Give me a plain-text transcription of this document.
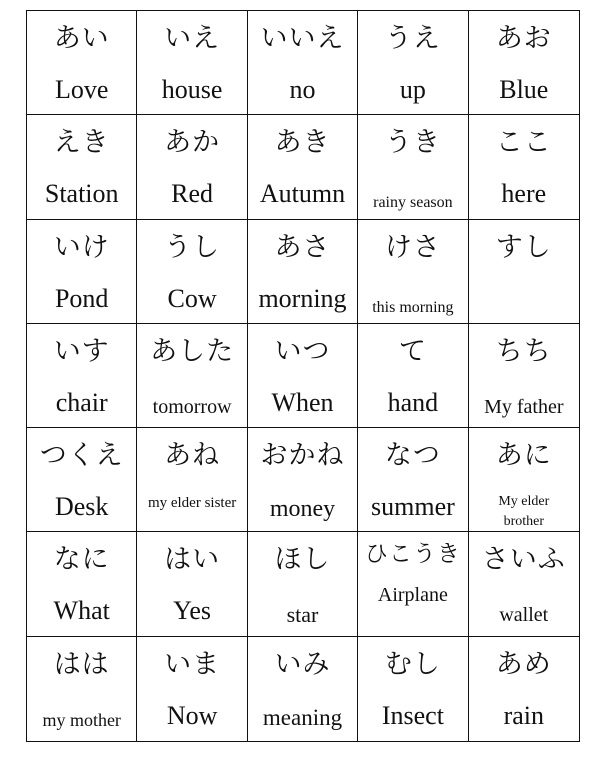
あい
Love
いえ
house
いいえ
no
うえ
up
あお
Blue
えき
Station
あか
Red
あき
Autumn
うき
rainy season
ここ
here
いけ
Pond
うし
Cow
あさ
morning
けさ
this morning
すし
いす
chair
あした
tomorrow
いつ
When
て
hand
ちち
My father
つくえ
Desk
あね
my elder sister
おかね
money
なつ
summer
あに
My elder brother
なに
What
はい
Yes
ほし
star
ひこうき
Airplane
さいふ
wallet
はは
my mother
いま
Now
いみ
meaning
むし
Insect
あめ
rain
